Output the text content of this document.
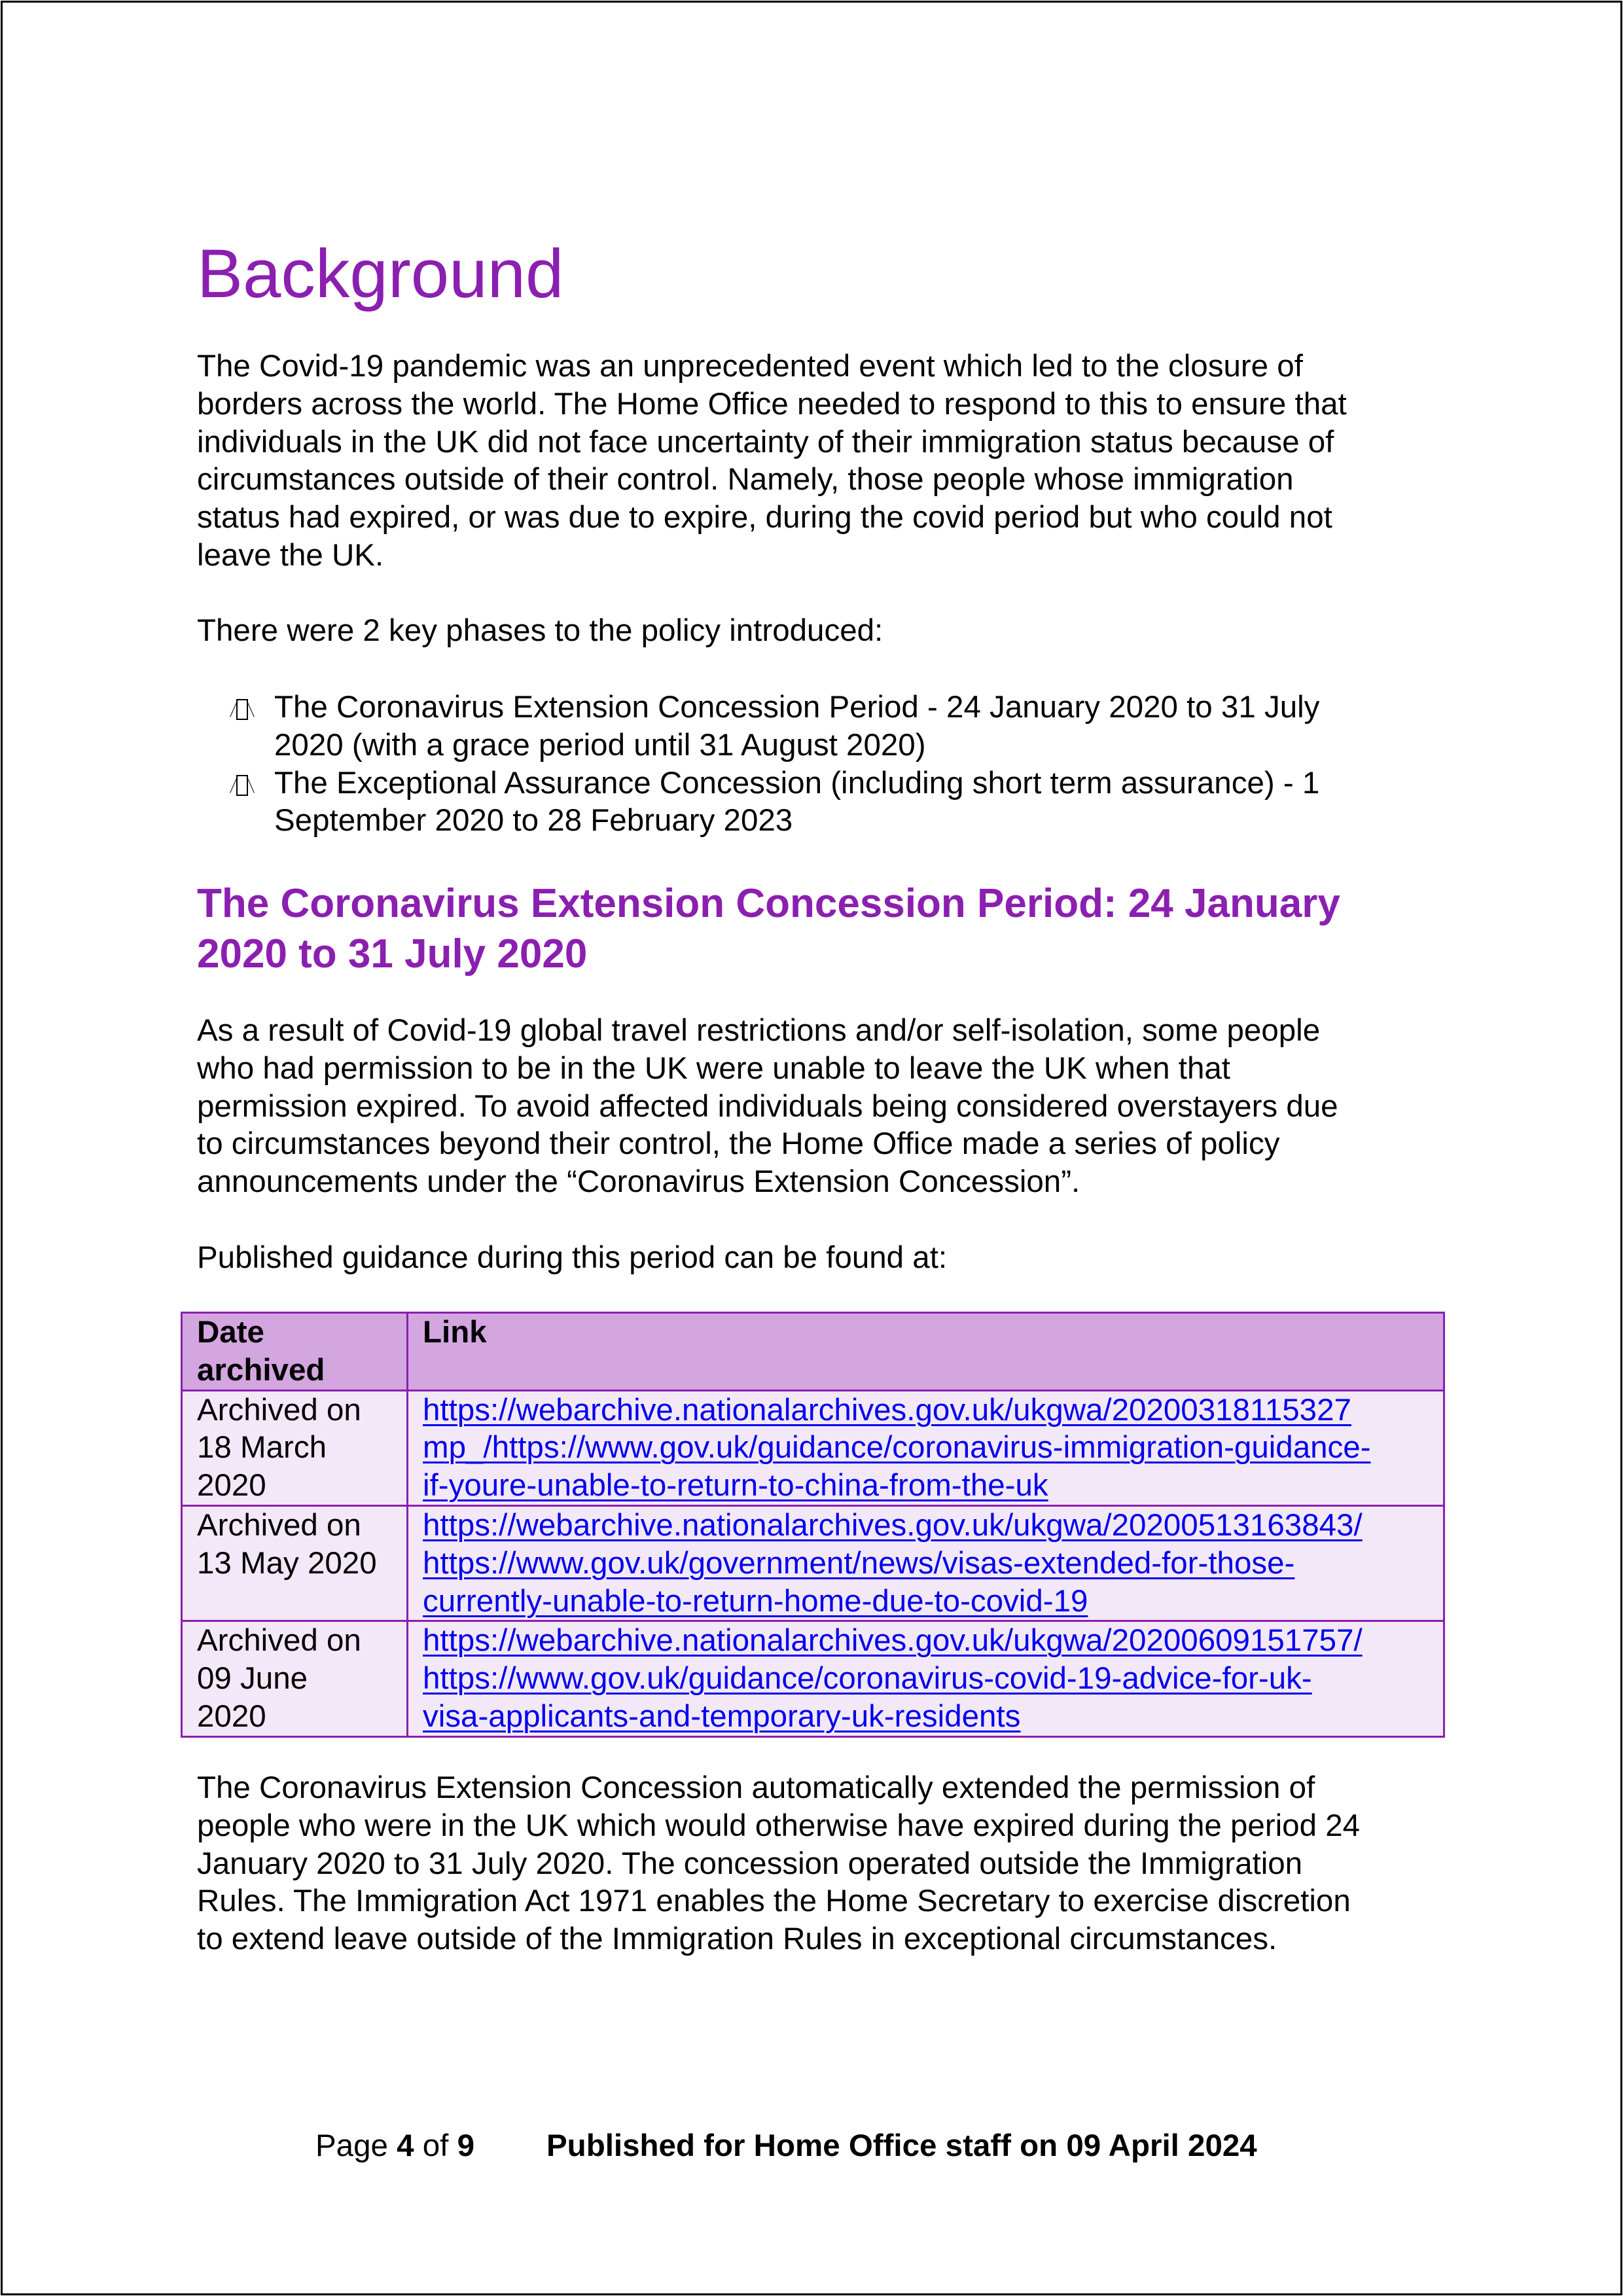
Background

The Covid-19 pandemic was an unprecedented event which led to the closure of
borders across the world. The Home Office needed to respond to this to ensure that
individuals in the UK did not face uncertainty of their immigration status because of
circumstances outside of their control. Namely, those people whose immigration
status had expired, or was due to expire, during the covid period but who could not
leave the UK.

There were 2 key phases to the policy introduced:

The Coronavirus Extension Concession Period - 24 January 2020 to 31 July
2020 (with a grace period until 31 August 2020)
The Exceptional Assurance Concession (including short term assurance) - 1
September 2020 to 28 February 2023
The Coronavirus Extension Concession Period: 24 January
2020 to 31 July 2020

As a result of Covid-19 global travel restrictions and/or self-isolation, some people
who had permission to be in the UK were unable to leave the UK when that
permission expired. To avoid affected individuals being considered overstayers due
to circumstances beyond their control, the Home Office made a series of policy
announcements under the “Coronavirus Extension Concession”.

Published guidance during this period can be found at:

Date
archived	Link

Archived on
18 March
2020	https://webarchive.nationalarchives.gov.uk/ukgwa/20200318115327
mp_/https://www.gov.uk/guidance/coronavirus-immigration-guidance-
if-youre-unable-to-return-to-china-from-the-uk

Archived on
13 May 2020	https://webarchive.nationalarchives.gov.uk/ukgwa/20200513163843/
https://www.gov.uk/government/news/visas-extended-for-those-
currently-unable-to-return-home-due-to-covid-19

Archived on
09 June
2020	https://webarchive.nationalarchives.gov.uk/ukgwa/20200609151757/
https://www.gov.uk/guidance/coronavirus-covid-19-advice-for-uk-
visa-applicants-and-temporary-uk-residents

The Coronavirus Extension Concession automatically extended the permission of
people who were in the UK which would otherwise have expired during the period 24
January 2020 to 31 July 2020. The concession operated outside the Immigration
Rules. The Immigration Act 1971 enables the Home Secretary to exercise discretion
to extend leave outside of the Immigration Rules in exceptional circumstances.

Page 4 of 9 Published for Home Office staff on 09 April 2024
